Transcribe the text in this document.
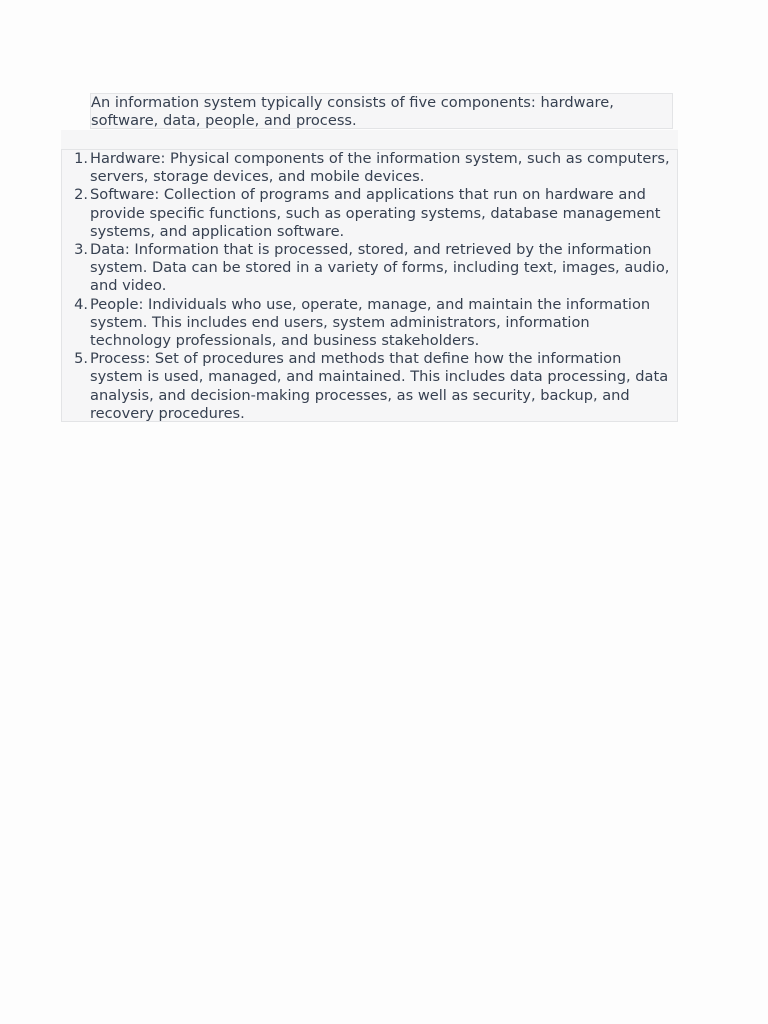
An information system typically consists of five components: hardware, software, data, people, and process.
1. Hardware: Physical components of the information system, such as computers, servers, storage devices, and mobile devices.
2. Software: Collection of programs and applications that run on hardware and provide specific functions, such as operating systems, database management systems, and application software.
3. Data: Information that is processed, stored, and retrieved by the information system. Data can be stored in a variety of forms, including text, images, audio, and video.
4. People: Individuals who use, operate, manage, and maintain the information system. This includes end users, system administrators, information technology professionals, and business stakeholders.
5. Process: Set of procedures and methods that define how the information system is used, managed, and maintained. This includes data processing, data analysis, and decision-making processes, as well as security, backup, and recovery procedures.
